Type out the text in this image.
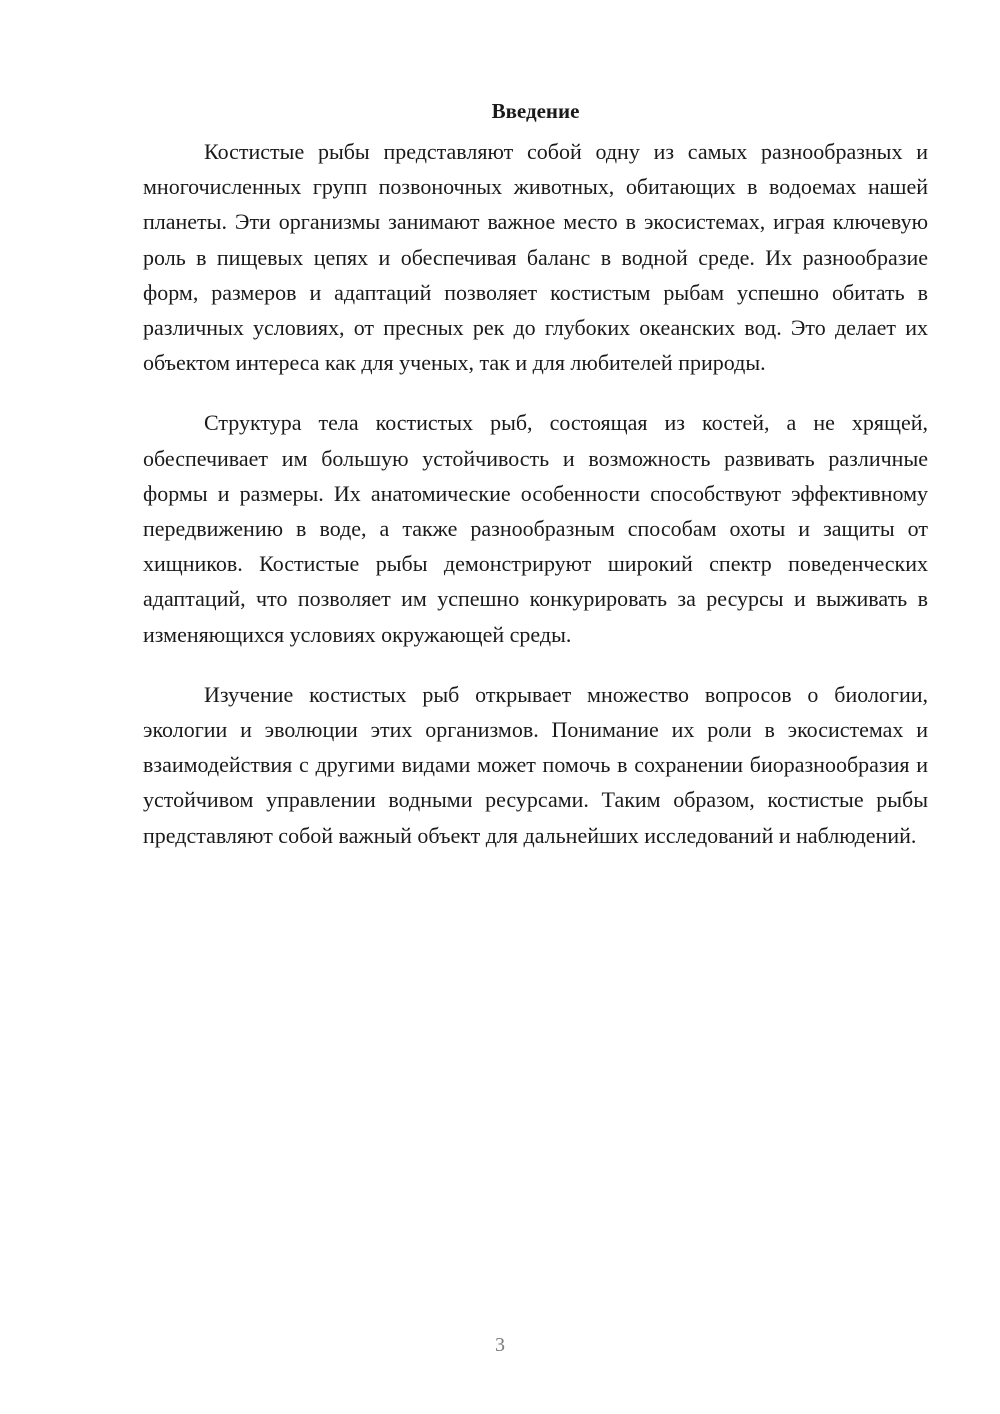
Введение

Костистые рыбы представляют собой одну из самых разнообразных и многочисленных групп позвоночных животных, обитающих в водоемах нашей планеты. Эти организмы занимают важное место в экосистемах, играя ключевую роль в пищевых цепях и обеспечивая баланс в водной среде. Их разнообразие форм, размеров и адаптаций позволяет костистым рыбам успешно обитать в различных условиях, от пресных рек до глубоких океанских вод. Это делает их объектом интереса как для ученых, так и для любителей природы.

Структура тела костистых рыб, состоящая из костей, а не хрящей, обеспечивает им большую устойчивость и возможность развивать различные формы и размеры. Их анатомические особенности способствуют эффективному передвижению в воде, а также разнообразным способам охоты и защиты от хищников. Костистые рыбы демонстрируют широкий спектр поведенческих адаптаций, что позволяет им успешно конкурировать за ресурсы и выживать в изменяющихся условиях окружающей среды.

Изучение костистых рыб открывает множество вопросов о биологии, экологии и эволюции этих организмов. Понимание их роли в экосистемах и взаимодействия с другими видами может помочь в сохранении биоразнообразия и устойчивом управлении водными ресурсами. Таким образом, костистые рыбы представляют собой важный объект для дальнейших исследований и наблюдений.

3
